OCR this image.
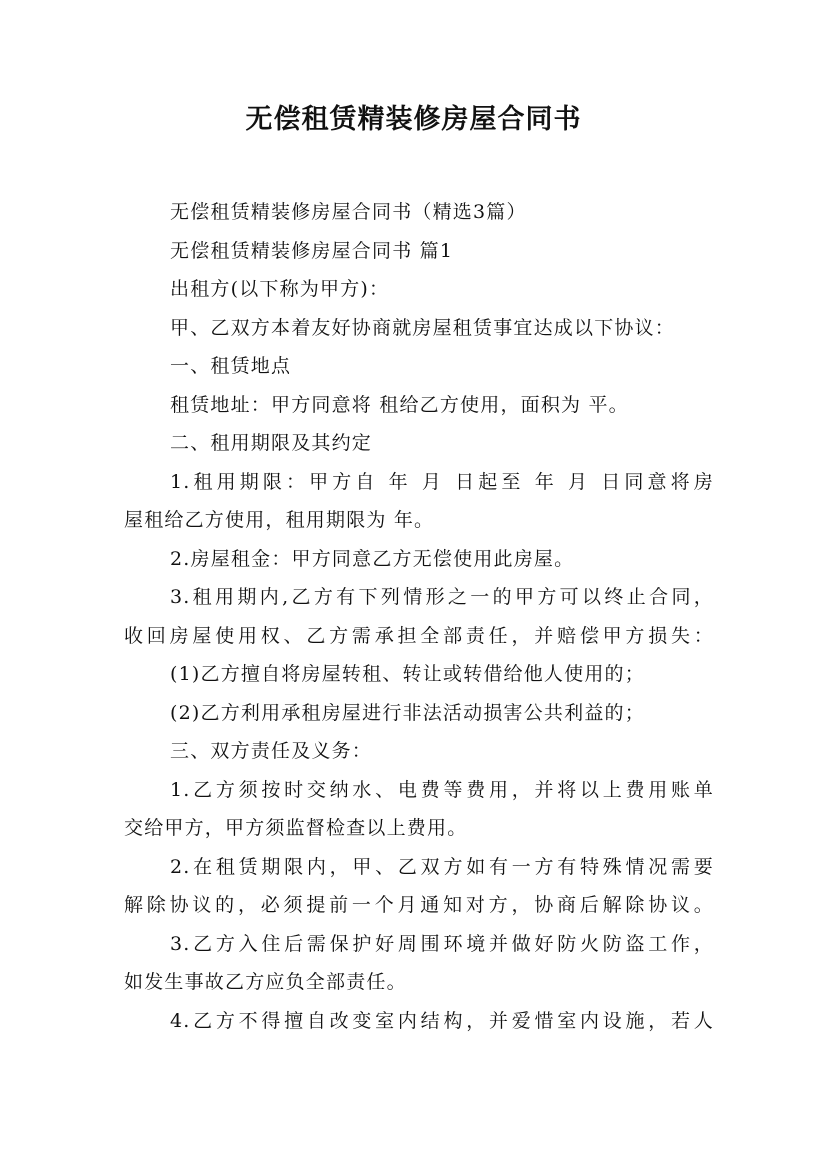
无偿租赁精装修房屋合同书
无偿租赁精装修房屋合同书（精选3篇）
无偿租赁精装修房屋合同书 篇1
出租方(以下称为甲方)：
甲、乙双方本着友好协商就房屋租赁事宜达成以下协议：
一、租赁地点
租赁地址：甲方同意将 租给乙方使用，面积为 平。
二、租用期限及其约定
1.租用期限：甲方自 年 月 日起至 年 月 日同意将房
屋租给乙方使用，租用期限为 年。
2.房屋租金：甲方同意乙方无偿使用此房屋。
3.租用期内,乙方有下列情形之一的甲方可以终止合同，
收回房屋使用权、乙方需承担全部责任，并赔偿甲方损失：
(1)乙方擅自将房屋转租、转让或转借给他人使用的；
(2)乙方利用承租房屋进行非法活动损害公共利益的；
三、双方责任及义务：
1.乙方须按时交纳水、电费等费用，并将以上费用账单
交给甲方，甲方须监督检查以上费用。
2.在租赁期限内，甲、乙双方如有一方有特殊情况需要
解除协议的，必须提前一个月通知对方，协商后解除协议。
3.乙方入住后需保护好周围环境并做好防火防盗工作，
如发生事故乙方应负全部责任。
4.乙方不得擅自改变室内结构，并爱惜室内设施，若人
